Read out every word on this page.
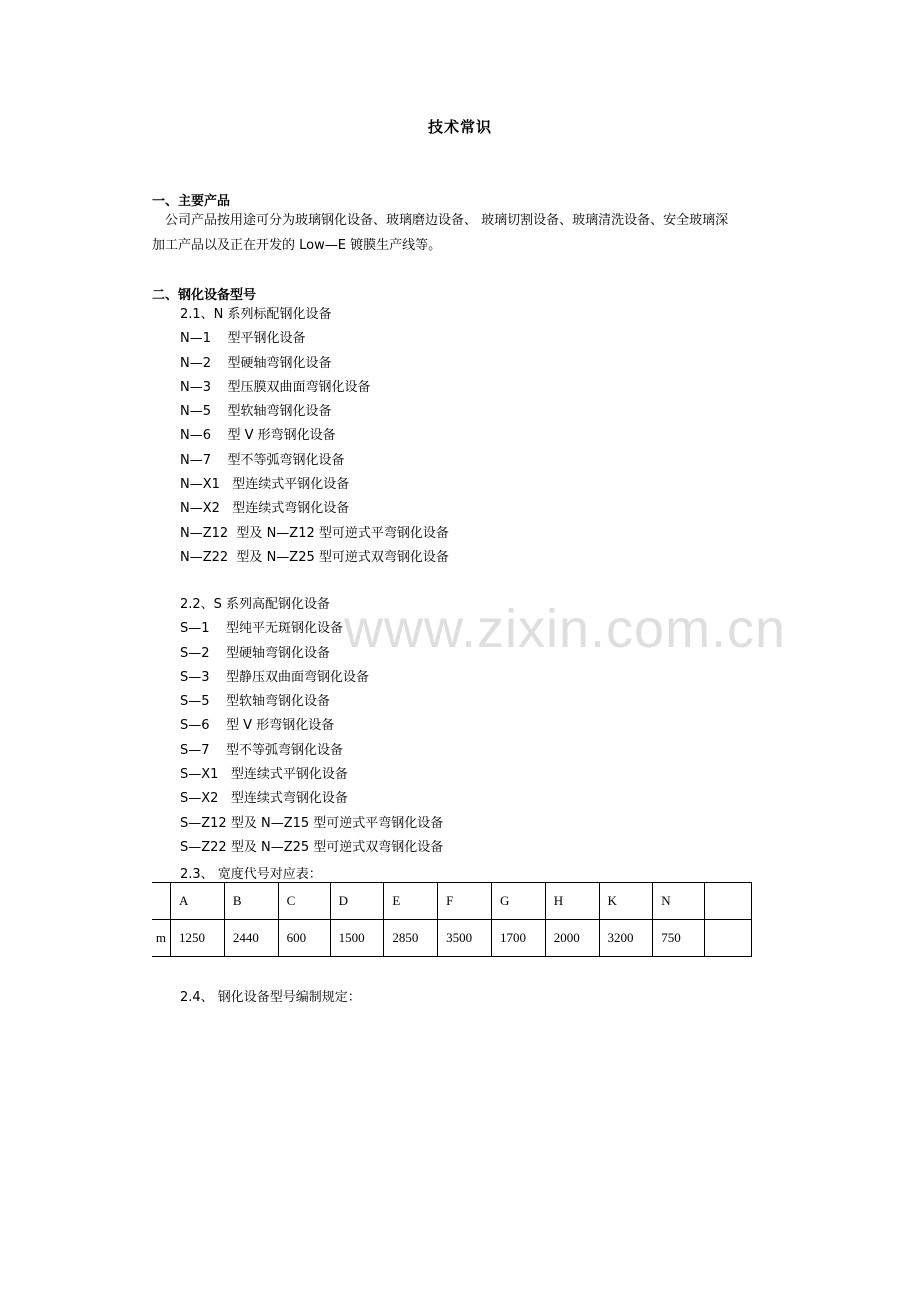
www.zixin.com.cn
技术常识
一、主要产品
公司产品按用途可分为玻璃钢化设备、玻璃磨边设备、 玻璃切割设备、玻璃清洗设备、安全玻璃深
加工产品以及正在开发的 Low—E 镀膜生产线等。
二、钢化设备型号
2.1、N 系列标配钢化设备
N—1    型平钢化设备
N—2    型硬轴弯钢化设备
N—3    型压膜双曲面弯钢化设备
N—5    型软轴弯钢化设备
N—6    型 V 形弯钢化设备
N—7    型不等弧弯钢化设备
N—X1   型连续式平钢化设备
N—X2   型连续式弯钢化设备
N—Z12  型及 N—Z12 型可逆式平弯钢化设备
N—Z22  型及 N—Z25 型可逆式双弯钢化设备
2.2、S 系列高配钢化设备
S—1    型纯平无斑钢化设备
S—2    型硬轴弯钢化设备
S—3    型静压双曲面弯钢化设备
S—5    型软轴弯钢化设备
S—6    型 V 形弯钢化设备
S—7    型不等弧弯钢化设备
S—X1   型连续式平钢化设备
S—X2   型连续式弯钢化设备
S—Z12 型及 N—Z15 型可逆式平弯钢化设备
S—Z22 型及 N—Z25 型可逆式双弯钢化设备
2.3、 宽度代号对应表：
	A	B	C	D	E	F	G	H	K	N	
m	1250	2440	600	1500	2850	3500	1700	2000	3200	750	
2.4、 钢化设备型号编制规定：
